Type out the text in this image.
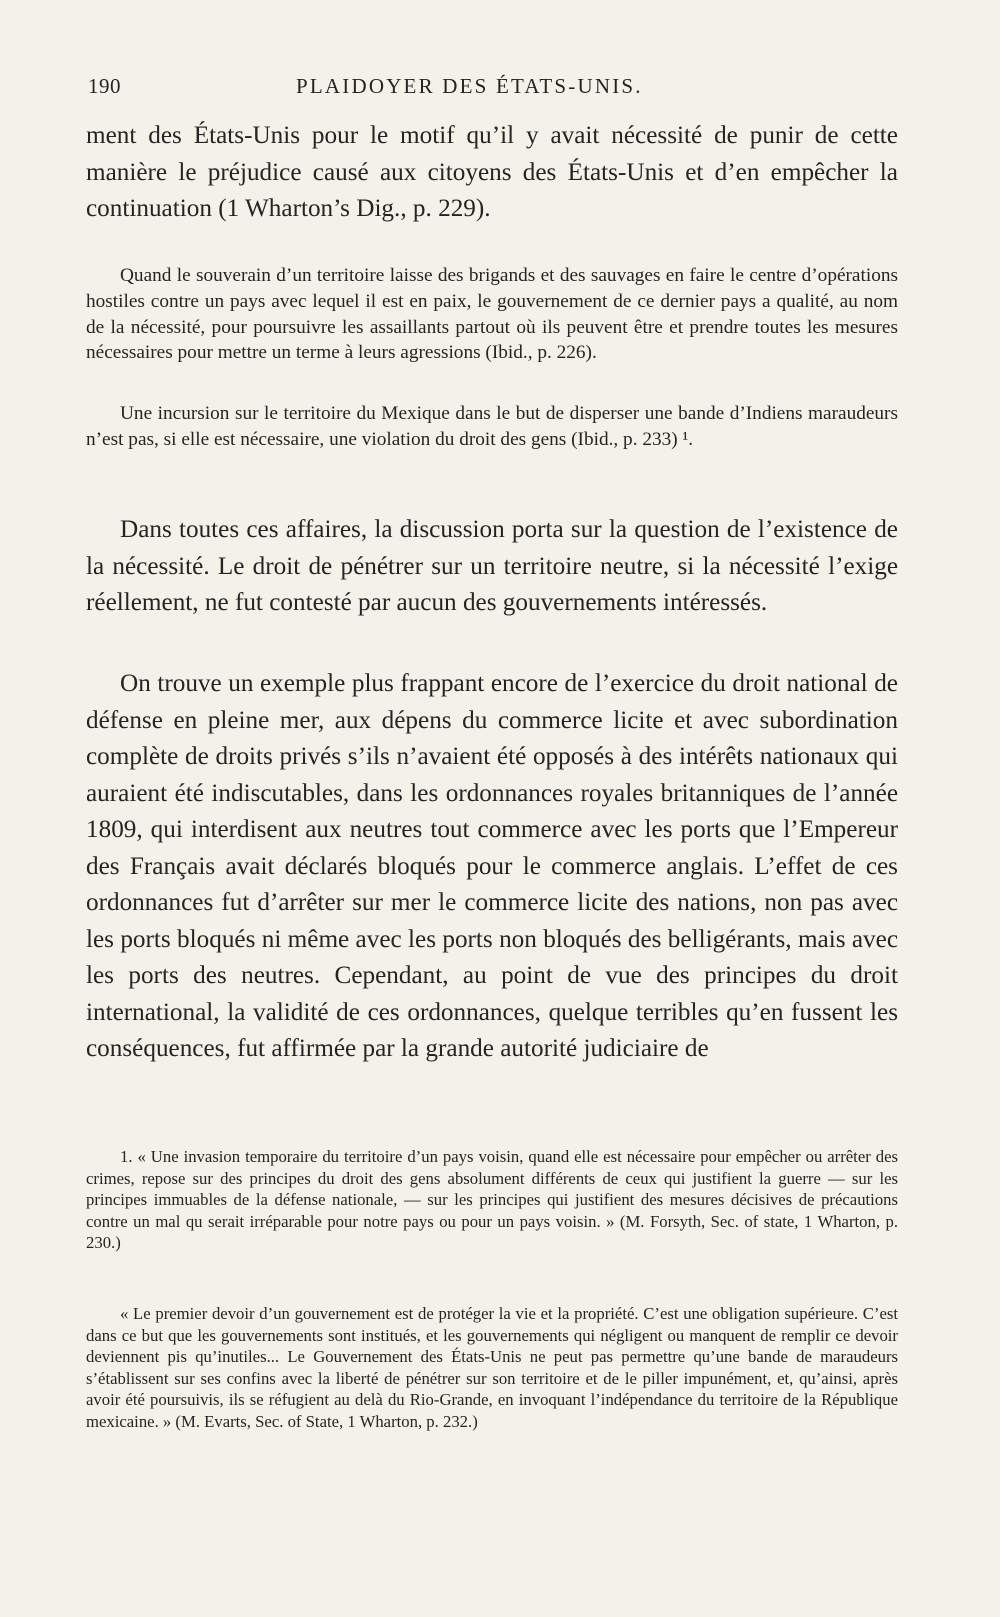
190	PLAIDOYER DES ÉTATS-UNIS.

ment des États-Unis pour le motif qu’il y avait nécessité de punir de cette manière le préjudice causé aux citoyens des États-Unis et d’en empêcher la continuation (1 Wharton’s Dig., p. 229).

Quand le souverain d’un territoire laisse des brigands et des sauvages en faire le centre d’opérations hostiles contre un pays avec lequel il est en paix, le gouvernement de ce dernier pays a qualité, au nom de la nécessité, pour poursuivre les assaillants partout où ils peuvent être et prendre toutes les mesures nécessaires pour mettre un terme à leurs agressions (Ibid., p. 226).

Une incursion sur le territoire du Mexique dans le but de disperser une bande d’Indiens maraudeurs n’est pas, si elle est nécessaire, une violation du droit des gens (Ibid., p. 233) ¹.

Dans toutes ces affaires, la discussion porta sur la question de l’existence de la nécessité. Le droit de pénétrer sur un territoire neutre, si la nécessité l’exige réellement, ne fut contesté par aucun des gouvernements intéressés.

On trouve un exemple plus frappant encore de l’exercice du droit national de défense en pleine mer, aux dépens du commerce licite et avec subordination complète de droits privés s’ils n’avaient été opposés à des intérêts nationaux qui auraient été indiscutables, dans les ordonnances royales britanniques de l’année 1809, qui interdisent aux neutres tout commerce avec les ports que l’Empereur des Français avait déclarés bloqués pour le commerce anglais. L’effet de ces ordonnances fut d’arrêter sur mer le commerce licite des nations, non pas avec les ports bloqués ni même avec les ports non bloqués des belligérants, mais avec les ports des neutres. Cependant, au point de vue des principes du droit international, la validité de ces ordonnances, quelque terribles qu’en fussent les conséquences, fut affirmée par la grande autorité judiciaire de

1. « Une invasion temporaire du territoire d’un pays voisin, quand elle est nécessaire pour empêcher ou arrêter des crimes, repose sur des principes du droit des gens absolument différents de ceux qui justifient la guerre — sur les principes immuables de la défense nationale, — sur les principes qui justifient des mesures décisives de précautions contre un mal qu serait irréparable pour notre pays ou pour un pays voisin. » (M. Forsyth, Sec. of state, 1 Wharton, p. 230.)

« Le premier devoir d’un gouvernement est de protéger la vie et la propriété. C’est une obligation supérieure. C’est dans ce but que les gouvernements sont institués, et les gouvernements qui négligent ou manquent de remplir ce devoir deviennent pis qu’inutiles... Le Gouvernement des États-Unis ne peut pas permettre qu’une bande de maraudeurs s’établissent sur ses confins avec la liberté de pénétrer sur son territoire et de le piller impunément, et, qu’ainsi, après avoir été poursuivis, ils se réfugient au delà du Rio-Grande, en invoquant l’indépendance du territoire de la République mexicaine. » (M. Evarts, Sec. of State, 1 Wharton, p. 232.)
